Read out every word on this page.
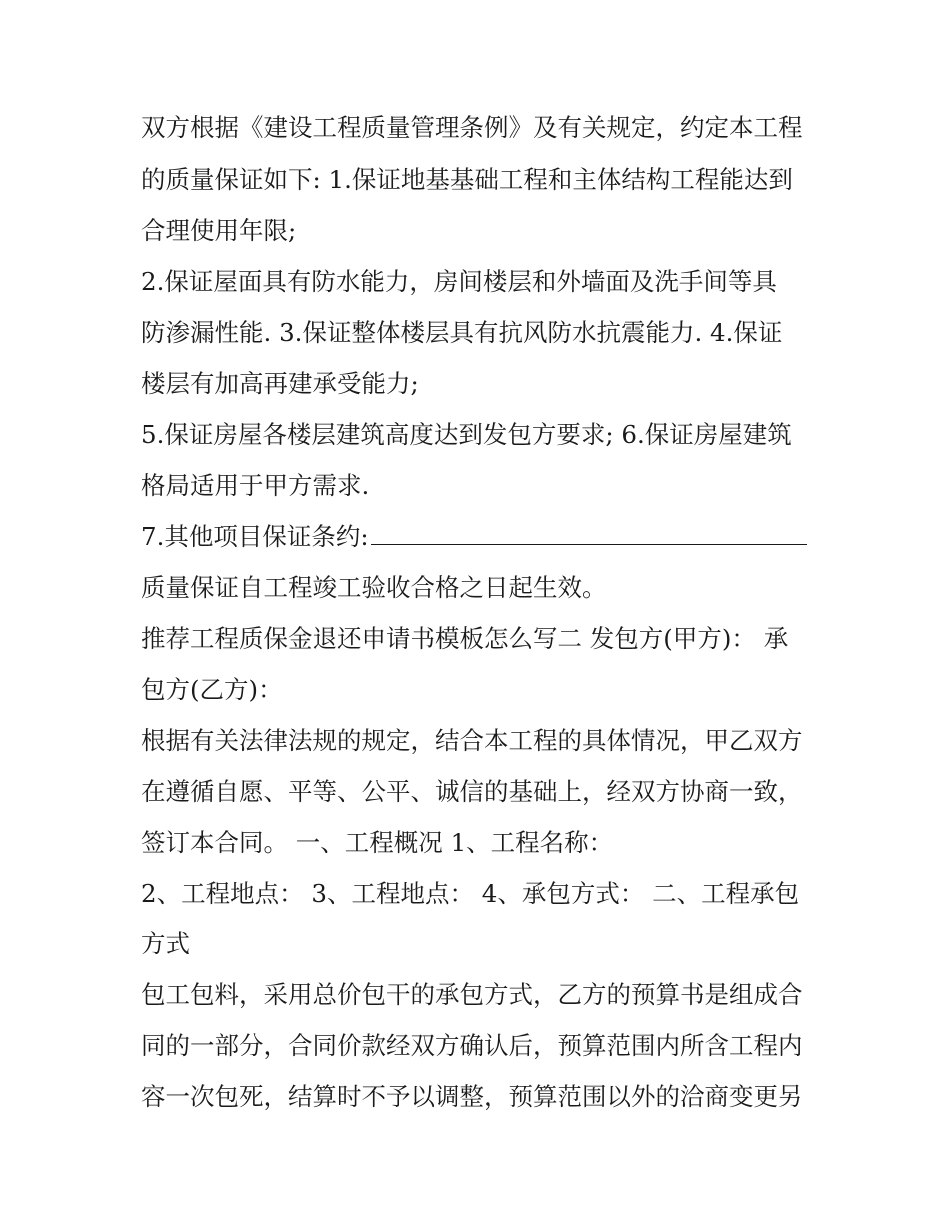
双方根据《建设工程质量管理条例》及有关规定，约定本工程
的质量保证如下: 1.保证地基基础工程和主体结构工程能达到
合理使用年限;
2.保证屋面具有防水能力，房间楼层和外墙面及洗手间等具
防渗漏性能. 3.保证整体楼层具有抗风防水抗震能力. 4.保证
楼层有加高再建承受能力;
5.保证房屋各楼层建筑高度达到发包方要求; 6.保证房屋建筑
格局适用于甲方需求.
7.其他项目保证条约:
质量保证自工程竣工验收合格之日起生效。
推荐工程质保金退还申请书模板怎么写二 发包方(甲方)： 承
包方(乙方)：
根据有关法律法规的规定，结合本工程的具体情况，甲乙双方
在遵循自愿、平等、公平、诚信的基础上，经双方协商一致，
签订本合同。 一、工程概况 1、工程名称：
2、工程地点： 3、工程地点： 4、承包方式： 二、工程承包
方式
包工包料，采用总价包干的承包方式，乙方的预算书是组成合
同的一部分，合同价款经双方确认后，预算范围内所含工程内
容一次包死，结算时不予以调整，预算范围以外的洽商变更另
